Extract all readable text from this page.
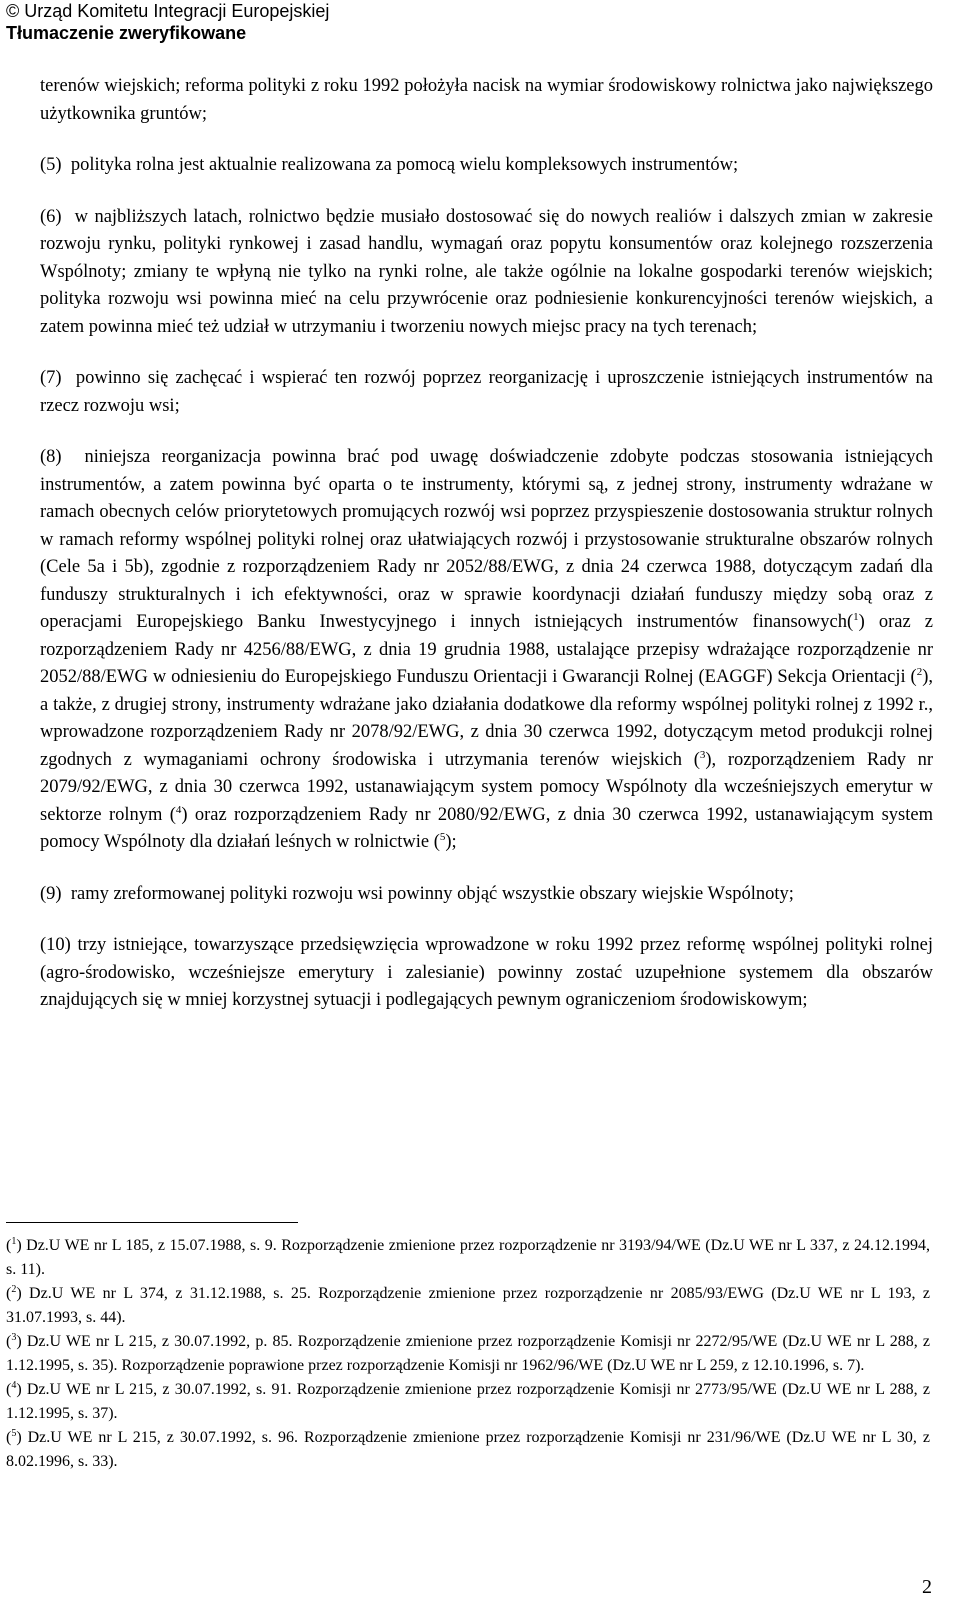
© Urząd Komitetu Integracji Europejskiej
Tłumaczenie zweryfikowane

terenów wiejskich; reforma polityki z roku 1992 położyła nacisk na wymiar środowiskowy rolnictwa jako największego użytkownika gruntów;

(5) polityka rolna jest aktualnie realizowana za pomocą wielu kompleksowych instrumentów;

(6) w najbliższych latach, rolnictwo będzie musiało dostosować się do nowych realiów i dalszych zmian w zakresie rozwoju rynku, polityki rynkowej i zasad handlu, wymagań oraz popytu konsumentów oraz kolejnego rozszerzenia Wspólnoty; zmiany te wpłyną nie tylko na rynki rolne, ale także ogólnie na lokalne gospodarki terenów wiejskich; polityka rozwoju wsi powinna mieć na celu przywrócenie oraz podniesienie konkurencyjności terenów wiejskich, a zatem powinna mieć też udział w utrzymaniu i tworzeniu nowych miejsc pracy na tych terenach;

(7) powinno się zachęcać i wspierać ten rozwój poprzez reorganizację i uproszczenie istniejących instrumentów na rzecz rozwoju wsi;

(8) niniejsza reorganizacja powinna brać pod uwagę doświadczenie zdobyte podczas stosowania istniejących instrumentów, a zatem powinna być oparta o te instrumenty, którymi są, z jednej strony, instrumenty wdrażane w ramach obecnych celów priorytetowych promujących rozwój wsi poprzez przyspieszenie dostosowania struktur rolnych w ramach reformy wspólnej polityki rolnej oraz ułatwiających rozwój i przystosowanie strukturalne obszarów rolnych (Cele 5a i 5b), zgodnie z rozporządzeniem Rady nr 2052/88/EWG, z dnia 24 czerwca 1988, dotyczącym zadań dla funduszy strukturalnych i ich efektywności, oraz w sprawie koordynacji działań funduszy między sobą oraz z operacjami Europejskiego Banku Inwestycyjnego i innych istniejących instrumentów finansowych($^1$) oraz z rozporządzeniem Rady nr 4256/88/EWG, z dnia 19 grudnia 1988, ustalające przepisy wdrażające rozporządzenie nr 2052/88/EWG w odniesieniu do Europejskiego Funduszu Orientacji i Gwarancji Rolnej (EAGGF) Sekcja Orientacji ($^2$), a także, z drugiej strony, instrumenty wdrażane jako działania dodatkowe dla reformy wspólnej polityki rolnej z 1992 r., wprowadzone rozporządzeniem Rady nr 2078/92/EWG, z dnia 30 czerwca 1992, dotyczącym metod produkcji rolnej zgodnych z wymaganiami ochrony środowiska i utrzymania terenów wiejskich ($^3$), rozporządzeniem Rady nr 2079/92/EWG, z dnia 30 czerwca 1992, ustanawiającym system pomocy Wspólnoty dla wcześniejszych emerytur w sektorze rolnym ($^4$) oraz rozporządzeniem Rady nr 2080/92/EWG, z dnia 30 czerwca 1992, ustanawiającym system pomocy Wspólnoty dla działań leśnych w rolnictwie ($^5$);

(9) ramy zreformowanej polityki rozwoju wsi powinny objąć wszystkie obszary wiejskie Wspólnoty;

(10) trzy istniejące, towarzyszące przedsięwzięcia wprowadzone w roku 1992 przez reformę wspólnej polityki rolnej (agro-środowisko, wcześniejsze emerytury i zalesianie) powinny zostać uzupełnione systemem dla obszarów znajdujących się w mniej korzystnej sytuacji i podlegających pewnym ograniczeniom środowiskowym;

($^1$) Dz.U WE nr L 185, z 15.07.1988, s. 9. Rozporządzenie zmienione przez rozporządzenie nr 3193/94/WE (Dz.U WE nr L 337, z 24.12.1994, s. 11).

($^2$) Dz.U WE nr L 374, z 31.12.1988, s. 25. Rozporządzenie zmienione przez rozporządzenie nr 2085/93/EWG (Dz.U WE nr L 193, z 31.07.1993, s. 44).

($^3$) Dz.U WE nr L 215, z 30.07.1992, p. 85. Rozporządzenie zmienione przez rozporządzenie Komisji nr 2272/95/WE (Dz.U WE nr L 288, z 1.12.1995, s. 35). Rozporządzenie poprawione przez rozporządzenie Komisji nr 1962/96/WE (Dz.U WE nr L 259, z 12.10.1996, s. 7).

($^4$) Dz.U WE nr L 215, z 30.07.1992, s. 91. Rozporządzenie zmienione przez rozporządzenie Komisji nr 2773/95/WE (Dz.U WE nr L 288, z 1.12.1995, s. 37).

($^5$) Dz.U WE nr L 215, z 30.07.1992, s. 96. Rozporządzenie zmienione przez rozporządzenie Komisji nr 231/96/WE (Dz.U WE nr L 30, z 8.02.1996, s. 33).

2
